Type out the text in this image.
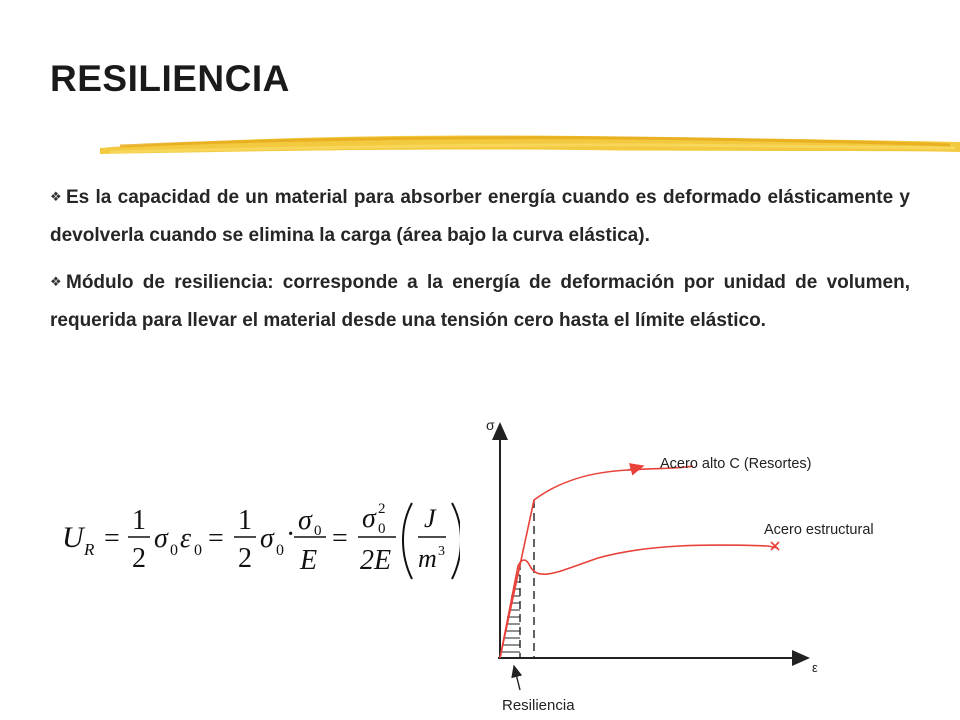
RESILIENCIA

❖ Es la capacidad de un material para absorber energía cuando es deformado elásticamente y devolverla cuando se elimina la carga (área bajo la curva elástica).

❖ Módulo de resiliencia: corresponde a la energía de deformación por unidad de volumen, requerida para llevar el material desde una tensión cero hasta el límite elástico.

U R =
1
2
σ 0 ε 0 =
1
2
σ 0
· σ 0
E
=
σ 2
0
2E
J
m 3
σ
ε
Acero alto C (Resortes)
Acero estructural
Resiliencia
